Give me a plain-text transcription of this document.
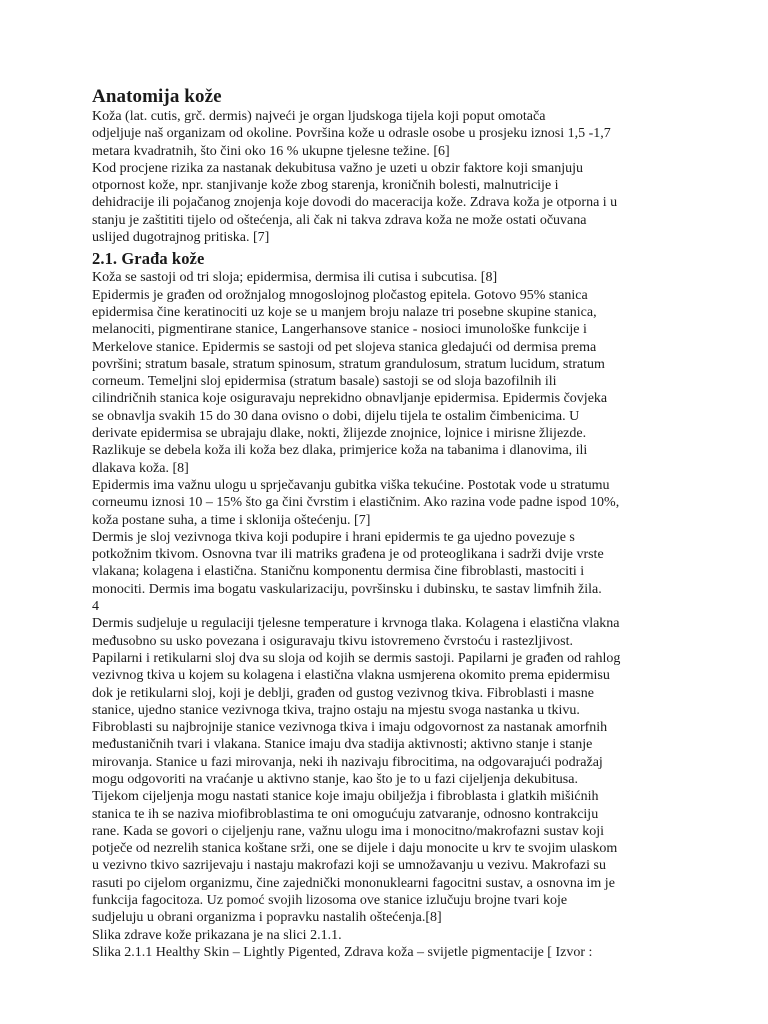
Anatomija kože
Koža (lat. cutis, grč. dermis) najveći je organ ljudskoga tijela koji poput omotača
odjeljuje naš organizam od okoline. Površina kože u odrasle osobe u prosjeku iznosi 1,5 -1,7
metara kvadratnih, što čini oko 16 % ukupne tjelesne težine. [6]
Kod procjene rizika za nastanak dekubitusa važno je uzeti u obzir faktore koji smanjuju
otpornost kože, npr. stanjivanje kože zbog starenja, kroničnih bolesti, malnutricije i
dehidracije ili pojačanog znojenja koje dovodi do maceracija kože. Zdrava koža je otporna i u
stanju je zaštititi tijelo od oštećenja, ali čak ni takva zdrava koža ne može ostati očuvana
uslijed dugotrajnog pritiska. [7]
2.1. Građa kože
Koža se sastoji od tri sloja; epidermisa, dermisa ili cutisa i subcutisa. [8]
Epidermis je građen od orožnjalog mnogoslojnog pločastog epitela. Gotovo 95% stanica
epidermisa čine keratinociti uz koje se u manjem broju nalaze tri posebne skupine stanica,
melanociti, pigmentirane stanice, Langerhansove stanice - nosioci imunološke funkcije i
Merkelove stanice. Epidermis se sastoji od pet slojeva stanica gledajući od dermisa prema
površini; stratum basale, stratum spinosum, stratum grandulosum, stratum lucidum, stratum
corneum. Temeljni sloj epidermisa (stratum basale) sastoji se od sloja bazofilnih ili
cilindričnih stanica koje osiguravaju neprekidno obnavljanje epidermisa. Epidermis čovjeka
se obnavlja svakih 15 do 30 dana ovisno o dobi, dijelu tijela te ostalim čimbenicima. U
derivate epidermisa se ubrajaju dlake, nokti, žlijezde znojnice, lojnice i mirisne žlijezde.
Razlikuje se debela koža ili koža bez dlaka, primjerice koža na tabanima i dlanovima, ili
dlakava koža. [8]
Epidermis ima važnu ulogu u sprječavanju gubitka viška tekućine. Postotak vode u stratumu
corneumu iznosi 10 – 15% što ga čini čvrstim i elastičnim. Ako razina vode padne ispod 10%,
koža postane suha, a time i sklonija oštećenju. [7]
Dermis je sloj vezivnoga tkiva koji podupire i hrani epidermis te ga ujedno povezuje s
potkožnim tkivom. Osnovna tvar ili matriks građena je od proteoglikana i sadrži dvije vrste
vlakana; kolagena i elastična. Staničnu komponentu dermisa čine fibroblasti, mastociti i
monociti. Dermis ima bogatu vaskularizaciju, površinsku i dubinsku, te sastav limfnih žila.
4
Dermis sudjeluje u regulaciji tjelesne temperature i krvnoga tlaka. Kolagena i elastična vlakna
međusobno su usko povezana i osiguravaju tkivu istovremeno čvrstoću i rastezljivost.
Papilarni i retikularni sloj dva su sloja od kojih se dermis sastoji. Papilarni je građen od rahlog
vezivnog tkiva u kojem su kolagena i elastična vlakna usmjerena okomito prema epidermisu
dok je retikularni sloj, koji je deblji, građen od gustog vezivnog tkiva. Fibroblasti i masne
stanice, ujedno stanice vezivnoga tkiva, trajno ostaju na mjestu svoga nastanka u tkivu.
Fibroblasti su najbrojnije stanice vezivnoga tkiva i imaju odgovornost za nastanak amorfnih
međustaničnih tvari i vlakana. Stanice imaju dva stadija aktivnosti; aktivno stanje i stanje
mirovanja. Stanice u fazi mirovanja, neki ih nazivaju fibrocitima, na odgovarajući podražaj
mogu odgovoriti na vraćanje u aktivno stanje, kao što je to u fazi cijeljenja dekubitusa.
Tijekom cijeljenja mogu nastati stanice koje imaju obilježja i fibroblasta i glatkih mišićnih
stanica te ih se naziva miofibroblastima te oni omogućuju zatvaranje, odnosno kontrakciju
rane. Kada se govori o cijeljenju rane, važnu ulogu ima i monocitno/makrofazni sustav koji
potječe od nezrelih stanica koštane srži, one se dijele i daju monocite u krv te svojim ulaskom
u vezivno tkivo sazrijevaju i nastaju makrofazi koji se umnožavanju u vezivu. Makrofazi su
rasuti po cijelom organizmu, čine zajednički mononuklearni fagocitni sustav, a osnovna im je
funkcija fagocitoza. Uz pomoć svojih lizosoma ove stanice izlučuju brojne tvari koje
sudjeluju u obrani organizma i popravku nastalih oštećenja.[8]
Slika zdrave kože prikazana je na slici 2.1.1.
Slika 2.1.1 Healthy Skin – Lightly Pigented, Zdrava koža – svijetle pigmentacije [ Izvor :
